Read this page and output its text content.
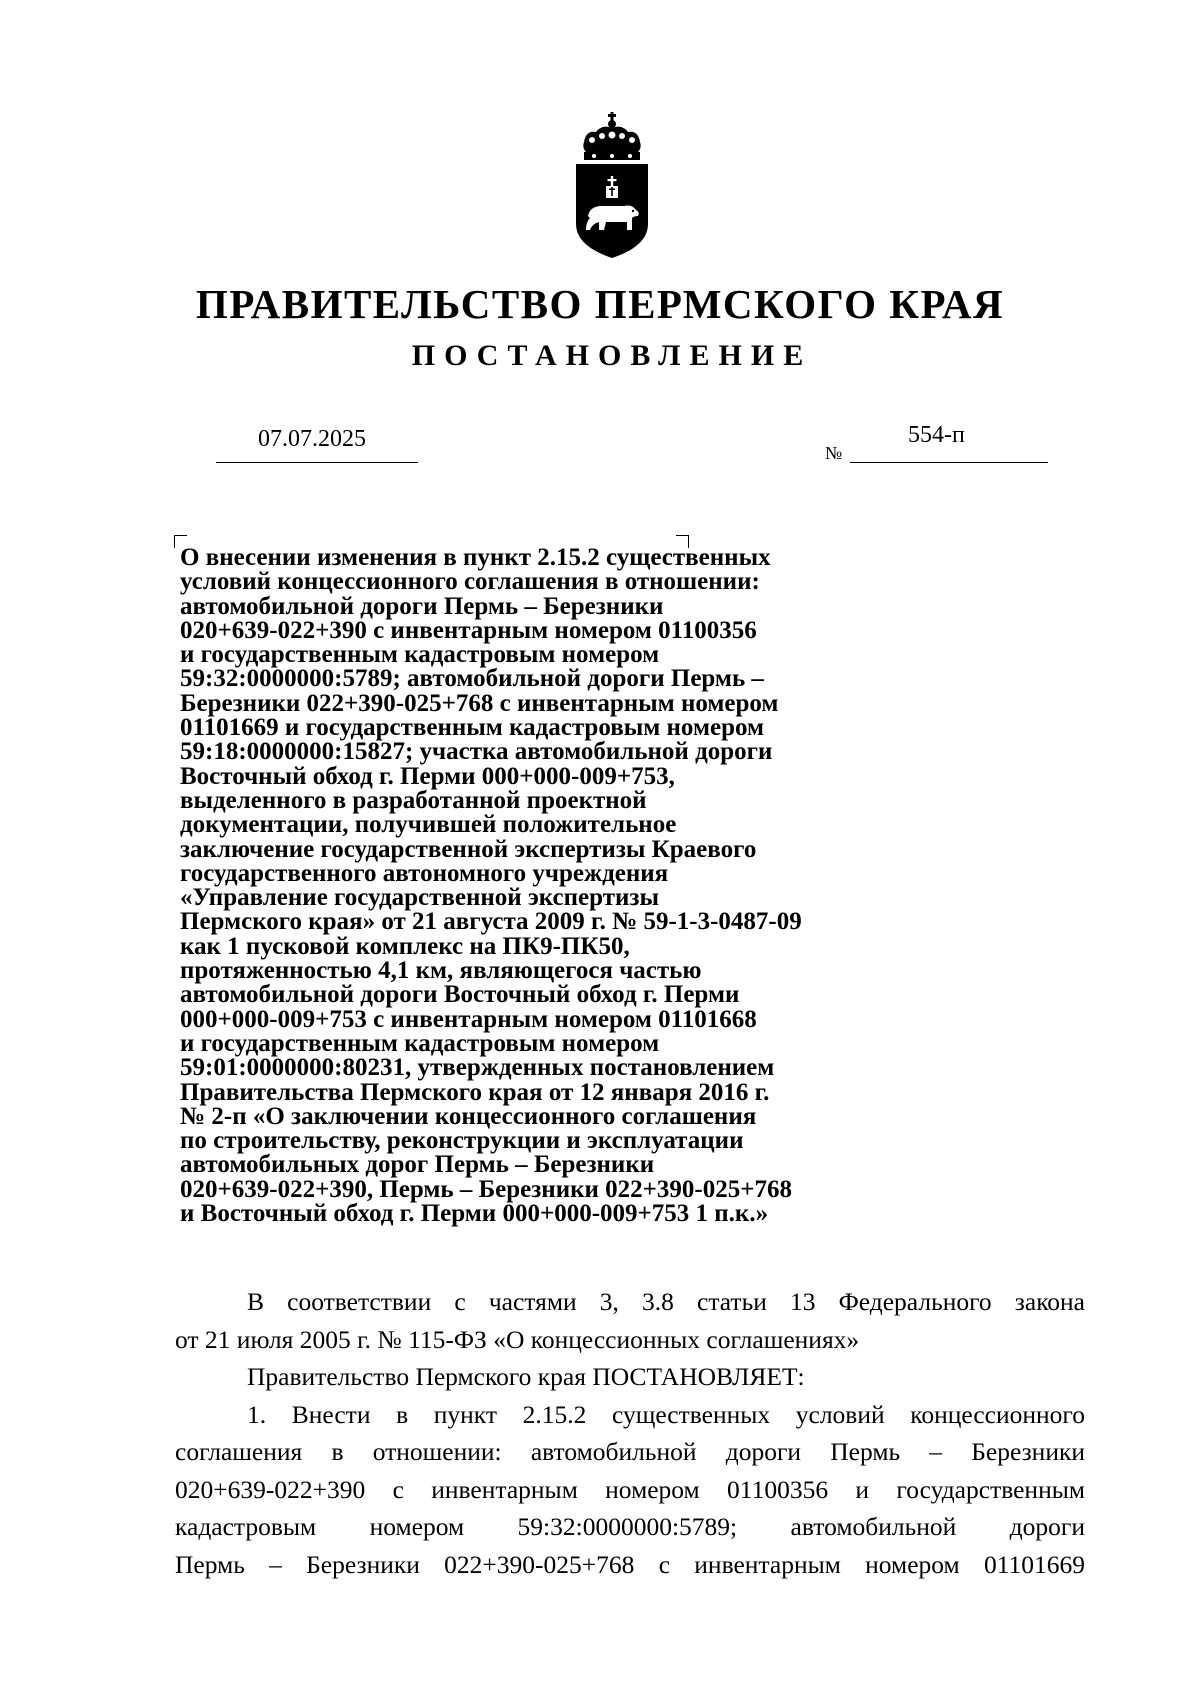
ПРАВИТЕЛЬСТВО ПЕРМСКОГО КРАЯ
ПОСТАНОВЛЕНИЕ
07.07.2025
№
554-п
О внесении изменения в пункт 2.15.2 существенных
условий концессионного соглашения в отношении:
автомобильной дороги Пермь – Березники
020+639-022+390 с инвентарным номером 01100356
и государственным кадастровым номером
59:32:0000000:5789; автомобильной дороги Пермь –
Березники 022+390-025+768 с инвентарным номером
01101669 и государственным кадастровым номером
59:18:0000000:15827; участка автомобильной дороги
Восточный обход г. Перми 000+000-009+753,
выделенного в разработанной проектной
документации, получившей положительное
заключение государственной экспертизы Краевого
государственного автономного учреждения
«Управление государственной экспертизы
Пермского края» от 21 августа 2009 г. № 59-1-3-0487-09
как 1 пусковой комплекс на ПК9-ПК50,
протяженностью 4,1 км, являющегося частью
автомобильной дороги Восточный обход г. Перми
000+000-009+753 с инвентарным номером 01101668
и государственным кадастровым номером
59:01:0000000:80231, утвержденных постановлением
Правительства Пермского края от 12 января 2016 г.
№ 2-п «О заключении концессионного соглашения
по строительству, реконструкции и эксплуатации
автомобильных дорог Пермь – Березники
020+639-022+390, Пермь – Березники 022+390-025+768
и Восточный обход г. Перми 000+000-009+753 1 п.к.»

В соответствии с частями 3, 3.8 статьи 13 Федерального закона

от 21 июля 2005 г. № 115-ФЗ «О концессионных соглашениях»

Правительство Пермского края ПОСТАНОВЛЯЕТ:

1. Внести в пункт 2.15.2 существенных условий концессионного

соглашения в отношении: автомобильной дороги Пермь – Березники

020+639-022+390 с инвентарным номером 01100356 и государственным

кадастровым номером 59:32:0000000:5789; автомобильной дороги

Пермь – Березники 022+390-025+768 с инвентарным номером 01101669
